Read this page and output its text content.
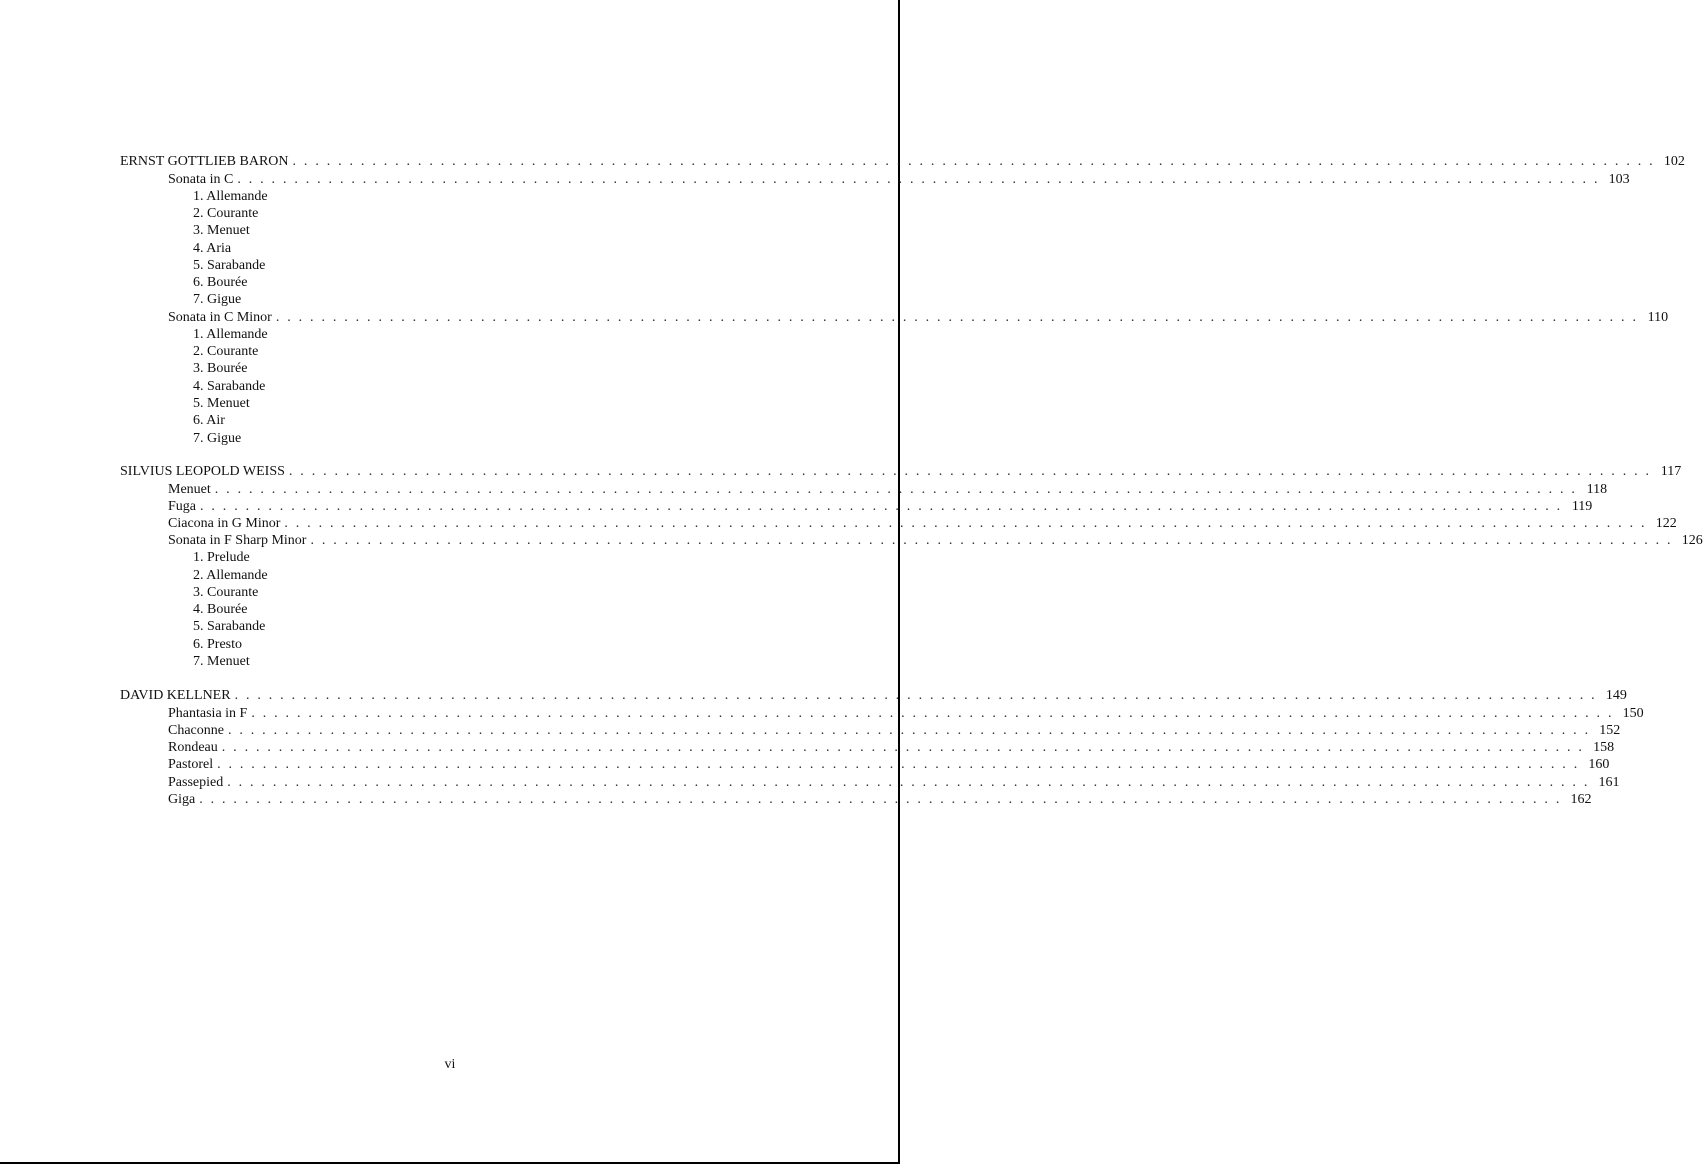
ERNST GOTTLIEB BARON . . . . . . . . . . . . . . . . . . . . . . . . . . . . . . . . . . . . . . . . . . . . . . . . . . . . . . . . . . . . . . . . . . . . . . . . . . . . . . . . . . . . . . . . . . . . . . . . . . . . . . . . . . . . . . . . . . . . . . . . 102
Sonata in C . . . . . . . . . . . . . . . . . . . . . . . . . . . . . . . . . . . . . . . . . . . . . . . . . . . . . . . . . . . . . . . . . . . . . . . . . . . . . . . . . . . . . . . . . . . . . . . . . . . . . . . . . . . . . . . . . . . . . . . . 103
1. Allemande
2. Courante
3. Menuet
4. Aria
5. Sarabande
6. Bourée
7. Gigue
Sonata in C Minor . . . . . . . . . . . . . . . . . . . . . . . . . . . . . . . . . . . . . . . . . . . . . . . . . . . . . . . . . . . . . . . . . . . . . . . . . . . . . . . . . . . . . . . . . . . . . . . . . . . . . . . . . . . . . . . . . . . . . . . . 110
1. Allemande
2. Courante
3. Bourée
4. Sarabande
5. Menuet
6. Air
7. Gigue
SILVIUS LEOPOLD WEISS . . . . . . . . . . . . . . . . . . . . . . . . . . . . . . . . . . . . . . . . . . . . . . . . . . . . . . . . . . . . . . . . . . . . . . . . . . . . . . . . . . . . . . . . . . . . . . . . . . . . . . . . . . . . . . . . . . . . . . . . 117
Menuet . . . . . . . . . . . . . . . . . . . . . . . . . . . . . . . . . . . . . . . . . . . . . . . . . . . . . . . . . . . . . . . . . . . . . . . . . . . . . . . . . . . . . . . . . . . . . . . . . . . . . . . . . . . . . . . . . . . . . . . . 118
Fuga . . . . . . . . . . . . . . . . . . . . . . . . . . . . . . . . . . . . . . . . . . . . . . . . . . . . . . . . . . . . . . . . . . . . . . . . . . . . . . . . . . . . . . . . . . . . . . . . . . . . . . . . . . . . . . . . . . . . . . . . 119
Ciacona in G Minor . . . . . . . . . . . . . . . . . . . . . . . . . . . . . . . . . . . . . . . . . . . . . . . . . . . . . . . . . . . . . . . . . . . . . . . . . . . . . . . . . . . . . . . . . . . . . . . . . . . . . . . . . . . . . . . . . . . . . . . . 122
Sonata in F Sharp Minor . . . . . . . . . . . . . . . . . . . . . . . . . . . . . . . . . . . . . . . . . . . . . . . . . . . . . . . . . . . . . . . . . . . . . . . . . . . . . . . . . . . . . . . . . . . . . . . . . . . . . . . . . . . . . . . . . . . . . . . . 126
1. Prelude
2. Allemande
3. Courante
4. Bourée
5. Sarabande
6. Presto
7. Menuet
DAVID KELLNER . . . . . . . . . . . . . . . . . . . . . . . . . . . . . . . . . . . . . . . . . . . . . . . . . . . . . . . . . . . . . . . . . . . . . . . . . . . . . . . . . . . . . . . . . . . . . . . . . . . . . . . . . . . . . . . . . . . . . . . . 149
Phantasia in F . . . . . . . . . . . . . . . . . . . . . . . . . . . . . . . . . . . . . . . . . . . . . . . . . . . . . . . . . . . . . . . . . . . . . . . . . . . . . . . . . . . . . . . . . . . . . . . . . . . . . . . . . . . . . . . . . . . . . . . . 150
Chaconne . . . . . . . . . . . . . . . . . . . . . . . . . . . . . . . . . . . . . . . . . . . . . . . . . . . . . . . . . . . . . . . . . . . . . . . . . . . . . . . . . . . . . . . . . . . . . . . . . . . . . . . . . . . . . . . . . . . . . . . . 152
Rondeau . . . . . . . . . . . . . . . . . . . . . . . . . . . . . . . . . . . . . . . . . . . . . . . . . . . . . . . . . . . . . . . . . . . . . . . . . . . . . . . . . . . . . . . . . . . . . . . . . . . . . . . . . . . . . . . . . . . . . . . . 158
Pastorel . . . . . . . . . . . . . . . . . . . . . . . . . . . . . . . . . . . . . . . . . . . . . . . . . . . . . . . . . . . . . . . . . . . . . . . . . . . . . . . . . . . . . . . . . . . . . . . . . . . . . . . . . . . . . . . . . . . . . . . . 160
Passepied . . . . . . . . . . . . . . . . . . . . . . . . . . . . . . . . . . . . . . . . . . . . . . . . . . . . . . . . . . . . . . . . . . . . . . . . . . . . . . . . . . . . . . . . . . . . . . . . . . . . . . . . . . . . . . . . . . . . . . . . 161
Giga . . . . . . . . . . . . . . . . . . . . . . . . . . . . . . . . . . . . . . . . . . . . . . . . . . . . . . . . . . . . . . . . . . . . . . . . . . . . . . . . . . . . . . . . . . . . . . . . . . . . . . . . . . . . . . . . . . . . . . . . 162
vi
